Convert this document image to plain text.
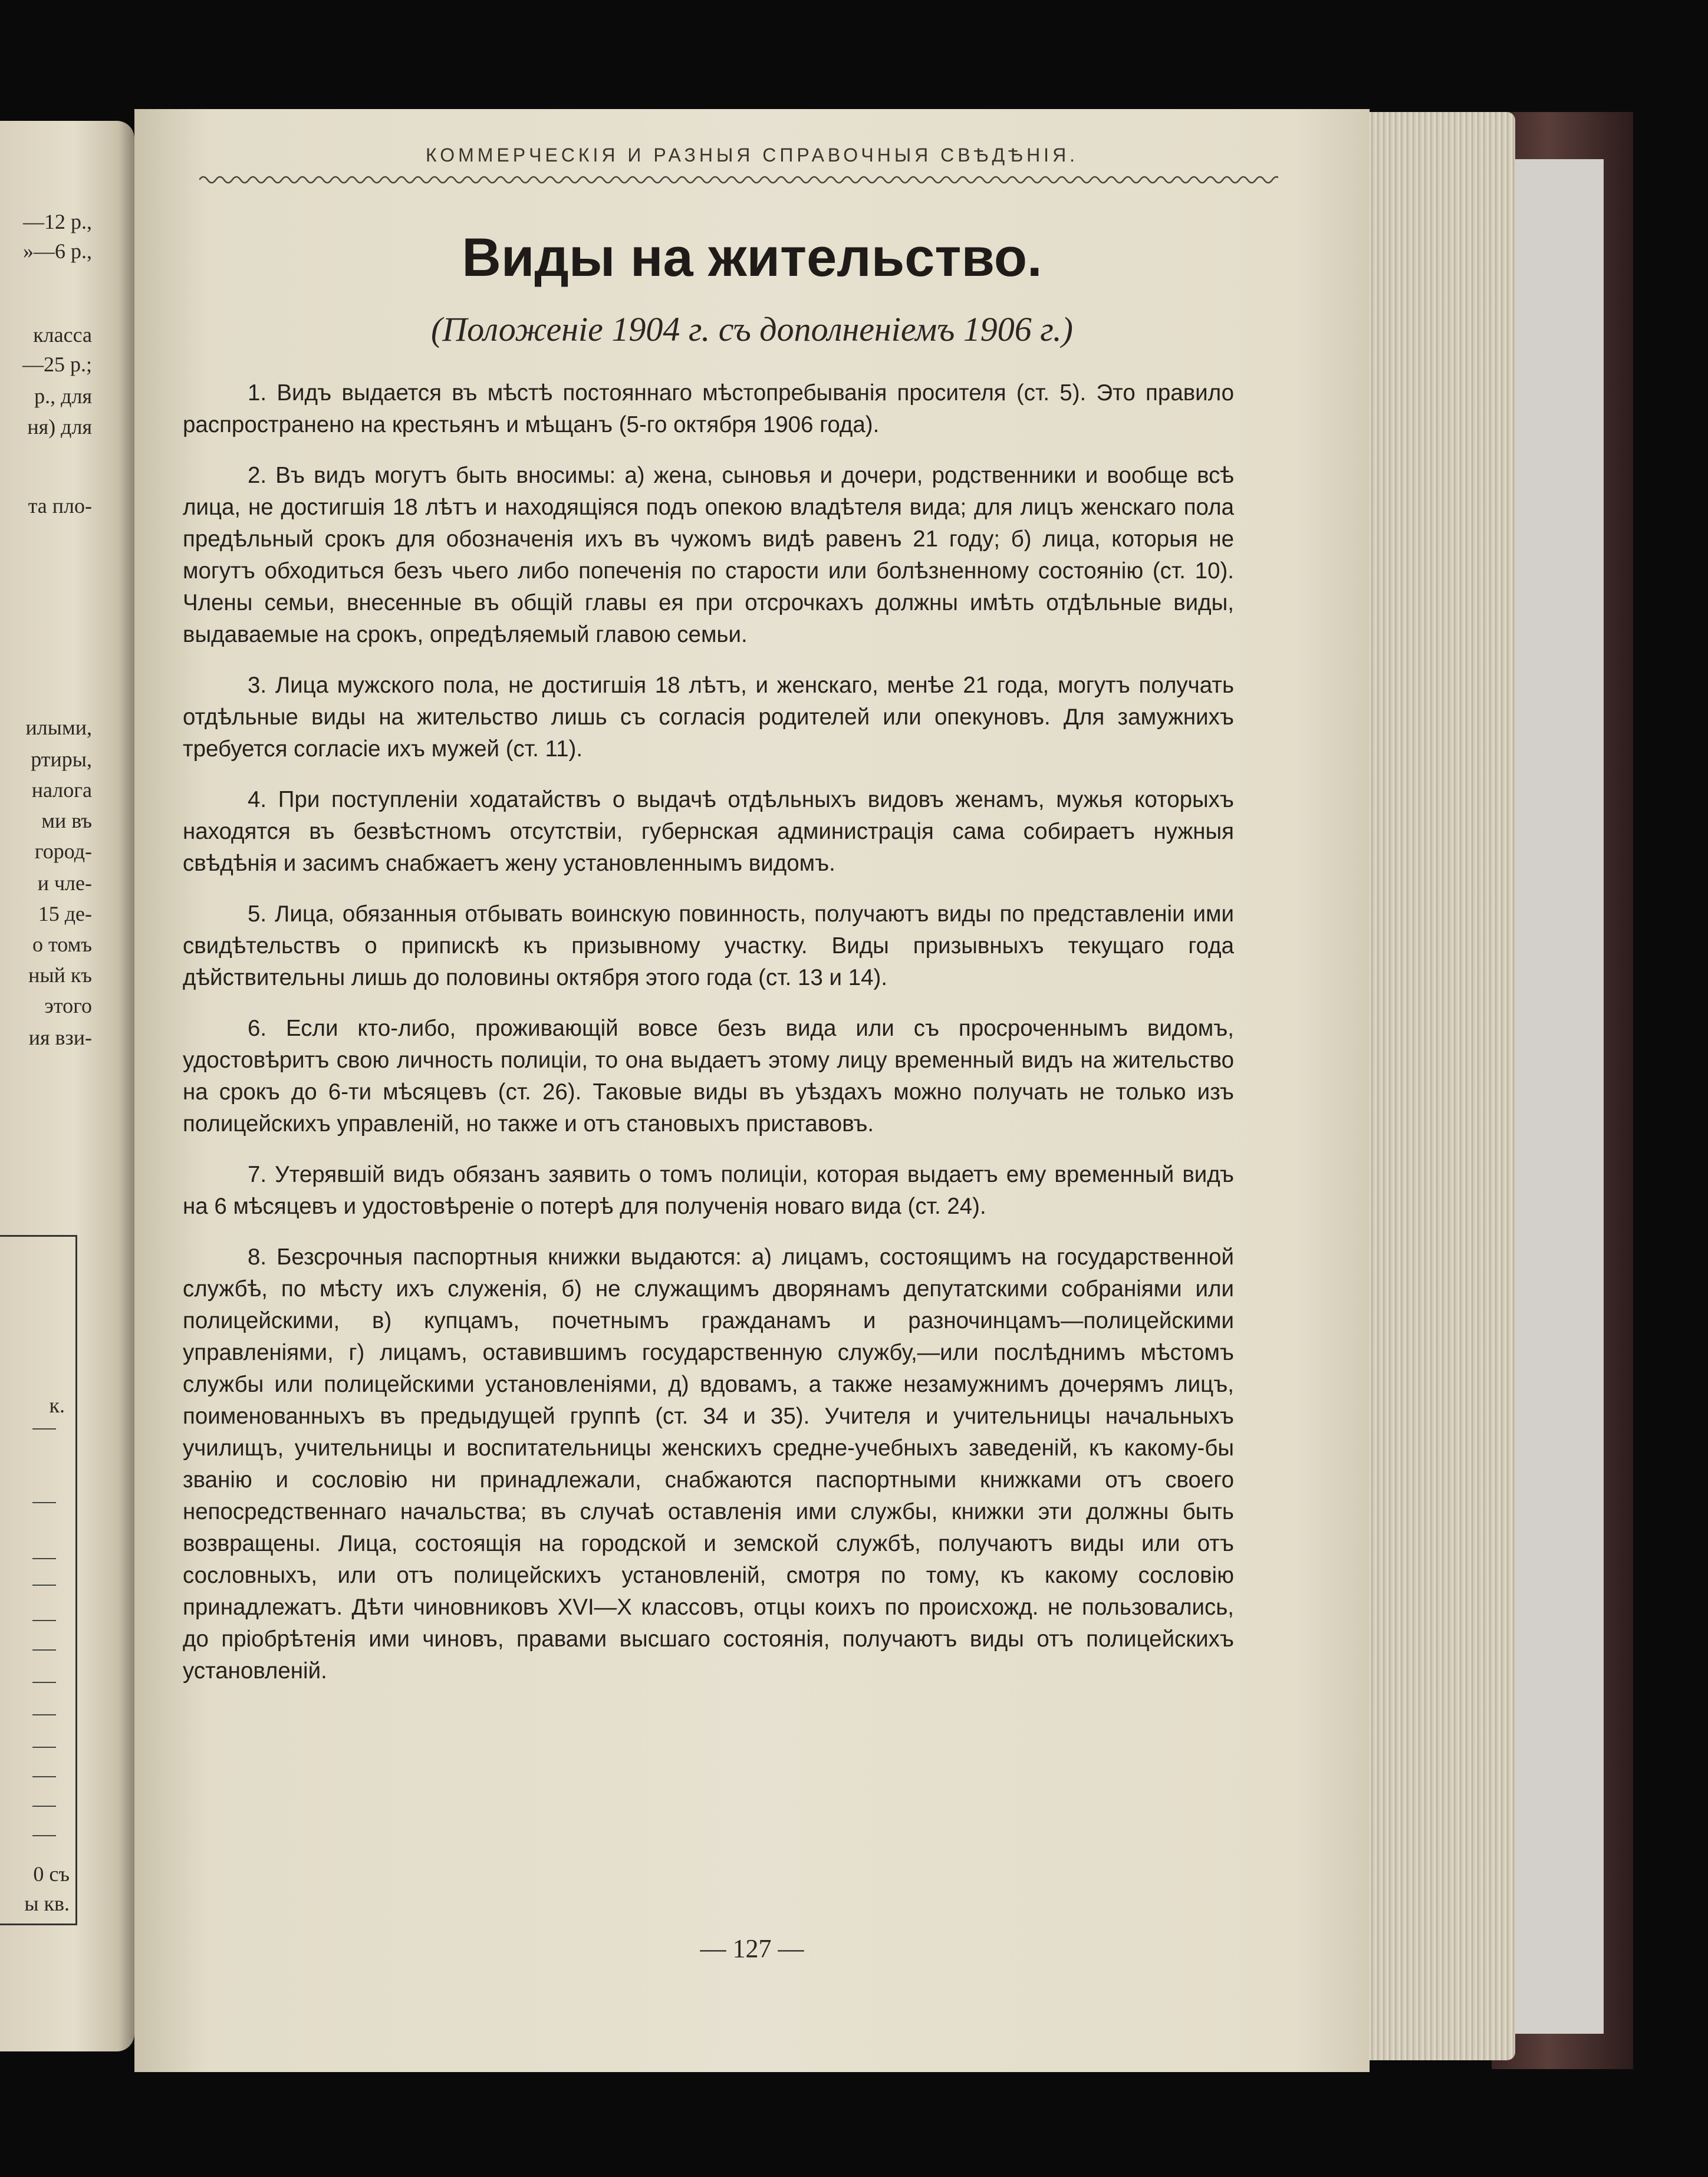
—12 р.,
»—6 р.,
класса
—25 р.;
р., для
ня) для
та пло-
илыми,
ртиры,
налога
ми въ
город-
и чле-
15 де-
о томъ
ный къ
этого
ия взи-
к.
0 съ
ы кв.
КОММЕРЧЕСКІЯ И РАЗНЫЯ СПРАВОЧНЫЯ СВѢДѢНІЯ.
Виды на жительство.
(Положеніе 1904 г. съ дополненіемъ 1906 г.)

1. Видъ выдается въ мѣстѣ постояннаго мѣстопребыванія просителя (ст. 5). Это правило распространено на крестьянъ и мѣщанъ (5-го октября 1906 года).

2. Въ видъ могутъ быть вносимы: а) жена, сыновья и дочери, родственники и вообще всѣ лица, не достигшія 18 лѣтъ и находящіяся подъ опекою владѣтеля вида; для лицъ женскаго пола предѣльный срокъ для обозначенія ихъ въ чужомъ видѣ равенъ 21 году; б) лица, которыя не могутъ обходиться безъ чьего либо попеченія по старости или болѣзненному состоянію (ст. 10). Члены семьи, внесенные въ общій главы ея при отсрочкахъ должны имѣть отдѣльные виды, выдаваемые на срокъ, опредѣляемый главою семьи.

3. Лица мужского пола, не достигшія 18 лѣтъ, и женскаго, менѣе 21 года, могутъ получать отдѣльные виды на жительство лишь съ согласія родителей или опекуновъ. Для замужнихъ требуется согласіе ихъ мужей (ст. 11).

4. При поступленіи ходатайствъ о выдачѣ отдѣльныхъ видовъ женамъ, мужья которыхъ находятся въ безвѣстномъ отсутствіи, губернская администрація сама собираетъ нужныя свѣдѣнія и засимъ снабжаетъ жену установленнымъ видомъ.

5. Лица, обязанныя отбывать воинскую повинность, получаютъ виды по представленіи ими свидѣтельствъ о припискѣ къ призывному участку. Виды призывныхъ текущаго года дѣйствительны лишь до половины октября этого года (ст. 13 и 14).

6. Если кто-либо, проживающій вовсе безъ вида или съ просроченнымъ видомъ, удостовѣритъ свою личность полиціи, то она выдаетъ этому лицу временный видъ на жительство на срокъ до 6-ти мѣсяцевъ (ст. 26). Таковые виды въ уѣздахъ можно получать не только изъ полицейскихъ управленій, но также и отъ становыхъ приставовъ.

7. Утерявшій видъ обязанъ заявить о томъ полиціи, которая выдаетъ ему временный видъ на 6 мѣсяцевъ и удостовѣреніе о потерѣ для полученія новаго вида (ст. 24).

8. Безсрочныя паспортныя книжки выдаются: а) лицамъ, состоящимъ на государственной службѣ, по мѣсту ихъ служенія, б) не служащимъ дворянамъ депутатскими собраніями или полицейскими, в) купцамъ, почетнымъ гражданамъ и разночинцамъ—полицейскими управленіями, г) лицамъ, оставившимъ государственную службу,—или послѣднимъ мѣстомъ службы или полицейскими установленіями, д) вдовамъ, а также незамужнимъ дочерямъ лицъ, поименованныхъ въ предыдущей группѣ (ст. 34 и 35). Учителя и учительницы начальныхъ училищъ, учительницы и воспитательницы женскихъ средне-учебныхъ заведеній, къ какому-бы званію и сословію ни принадлежали, снабжаются паспортными книжками отъ своего непосредственнаго начальства; въ случаѣ оставленія ими службы, книжки эти должны быть возвращены. Лица, состоящія на городской и земской службѣ, получаютъ виды или отъ сословныхъ, или отъ полицейскихъ установленій, смотря по тому, къ какому сословію принадлежатъ. Дѣти чиновниковъ XVI—X классовъ, отцы коихъ по происхожд. не пользовались, до пріобрѣтенія ими чиновъ, правами высшаго состоянія, получаютъ виды отъ полицейскихъ установленій.

— 127 —
